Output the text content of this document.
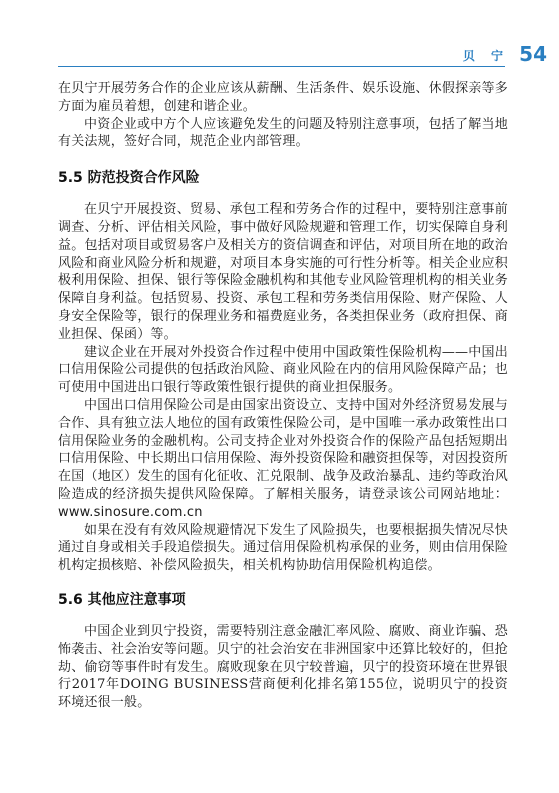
贝 宁 54

在贝宁开展劳务合作的企业应该从薪酬、生活条件、娱乐设施、休假探亲等多方面为雇员着想，创建和谐企业。

中资企业或中方个人应该避免发生的问题及特别注意事项，包括了解当地有关法规，签好合同，规范企业内部管理。

5.5 防范投资合作风险

在贝宁开展投资、贸易、承包工程和劳务合作的过程中，要特别注意事前调查、分析、评估相关风险，事中做好风险规避和管理工作，切实保障自身利益。包括对项目或贸易客户及相关方的资信调查和评估，对项目所在地的政治风险和商业风险分析和规避，对项目本身实施的可行性分析等。相关企业应积极利用保险、担保、银行等保险金融机构和其他专业风险管理机构的相关业务保障自身利益。包括贸易、投资、承包工程和劳务类信用保险、财产保险、人身安全保险等，银行的保理业务和福费庭业务，各类担保业务（政府担保、商业担保、保函）等。

建议企业在开展对外投资合作过程中使用中国政策性保险机构——中国出口信用保险公司提供的包括政治风险、商业风险在内的信用风险保障产品；也可使用中国进出口银行等政策性银行提供的商业担保服务。

中国出口信用保险公司是由国家出资设立、支持中国对外经济贸易发展与合作、具有独立法人地位的国有政策性保险公司，是中国唯一承办政策性出口信用保险业务的金融机构。公司支持企业对外投资合作的保险产品包括短期出口信用保险、中长期出口信用保险、海外投资保险和融资担保等，对因投资所在国（地区）发生的国有化征收、汇兑限制、战争及政治暴乱、违约等政治风险造成的经济损失提供风险保障。了解相关服务，请登录该公司网站地址：www.sinosure.com.cn

如果在没有有效风险规避情况下发生了风险损失，也要根据损失情况尽快通过自身或相关手段追偿损失。通过信用保险机构承保的业务，则由信用保险机构定损核赔、补偿风险损失，相关机构协助信用保险机构追偿。

5.6 其他应注意事项

中国企业到贝宁投资，需要特别注意金融汇率风险、腐败、商业诈骗、恐怖袭击、社会治安等问题。贝宁的社会治安在非洲国家中还算比较好的，但抢劫、偷窃等事件时有发生。腐败现象在贝宁较普遍，贝宁的投资环境在世界银行2017年DOING BUSINESS营商便利化排名第155位，说明贝宁的投资环境还很一般。
